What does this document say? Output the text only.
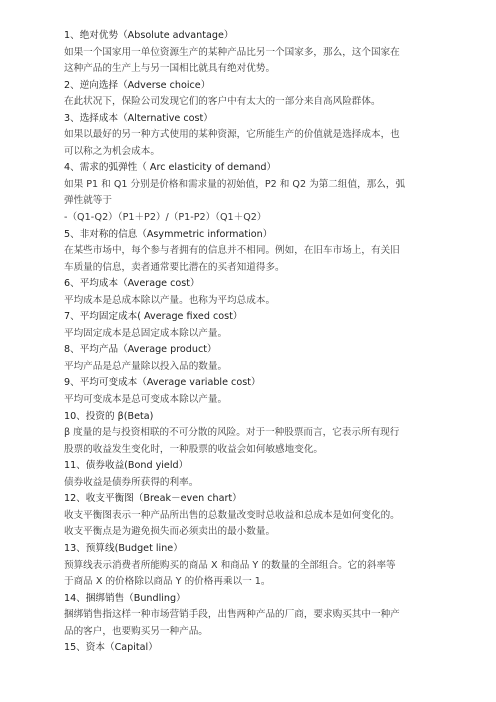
1、绝对优势（Absolute advantage）
如果一个国家用一单位资源生产的某种产品比另一个国家多，那么，这个国家在
这种产品的生产上与另一国相比就具有绝对优势。
2、逆向选择（Adverse choice）
在此状况下，保险公司发现它们的客户中有太大的一部分来自高风险群体。
3、选择成本（Alternative cost）
如果以最好的另一种方式使用的某种资源，它所能生产的价值就是选择成本，也
可以称之为机会成本。
4、需求的弧弹性（ Arc elasticity of demand）
如果 P1 和 Q1 分别是价格和需求量的初始值，P2 和 Q2 为第二组值，那么，弧
弹性就等于
-（Q1-Q2）（P1＋P2）/（P1-P2）（Q1＋Q2）
5、非对称的信息（Asymmetric information）
在某些市场中，每个参与者拥有的信息并不相同。例如，在旧车市场上，有关旧
车质量的信息，卖者通常要比潜在的买者知道得多。
6、平均成本（Average cost）
平均成本是总成本除以产量。也称为平均总成本。
7、平均固定成本( Average fixed cost）
平均固定成本是总固定成本除以产量。
8、平均产品（Average product）
平均产品是总产量除以投入品的数量。
9、平均可变成本（Average variable cost）
平均可变成本是总可变成本除以产量。
10、投资的 β(Beta)
β 度量的是与投资相联的不可分散的风险。对于一种股票而言，它表示所有现行
股票的收益发生变化时，一种股票的收益会如何敏感地变化。
11、债券收益(Bond yield）
债券收益是债券所获得的利率。
12、收支平衡图（Break－even chart）
收支平衡图表示一种产品所出售的总数量改变时总收益和总成本是如何变化的。
收支平衡点是为避免损失而必须卖出的最小数量。
13、预算线(Budget line）
预算线表示消费者所能购买的商品 X 和商品 Y 的数量的全部组合。它的斜率等
于商品 X 的价格除以商品 Y 的价格再乘以一 1。
14、捆绑销售（Bundling）
捆绑销售指这样一种市场营销手段，出售两种产品的厂商，要求购买其中一种产
品的客户，也要购买另一种产品。
15、资本（Capital）
